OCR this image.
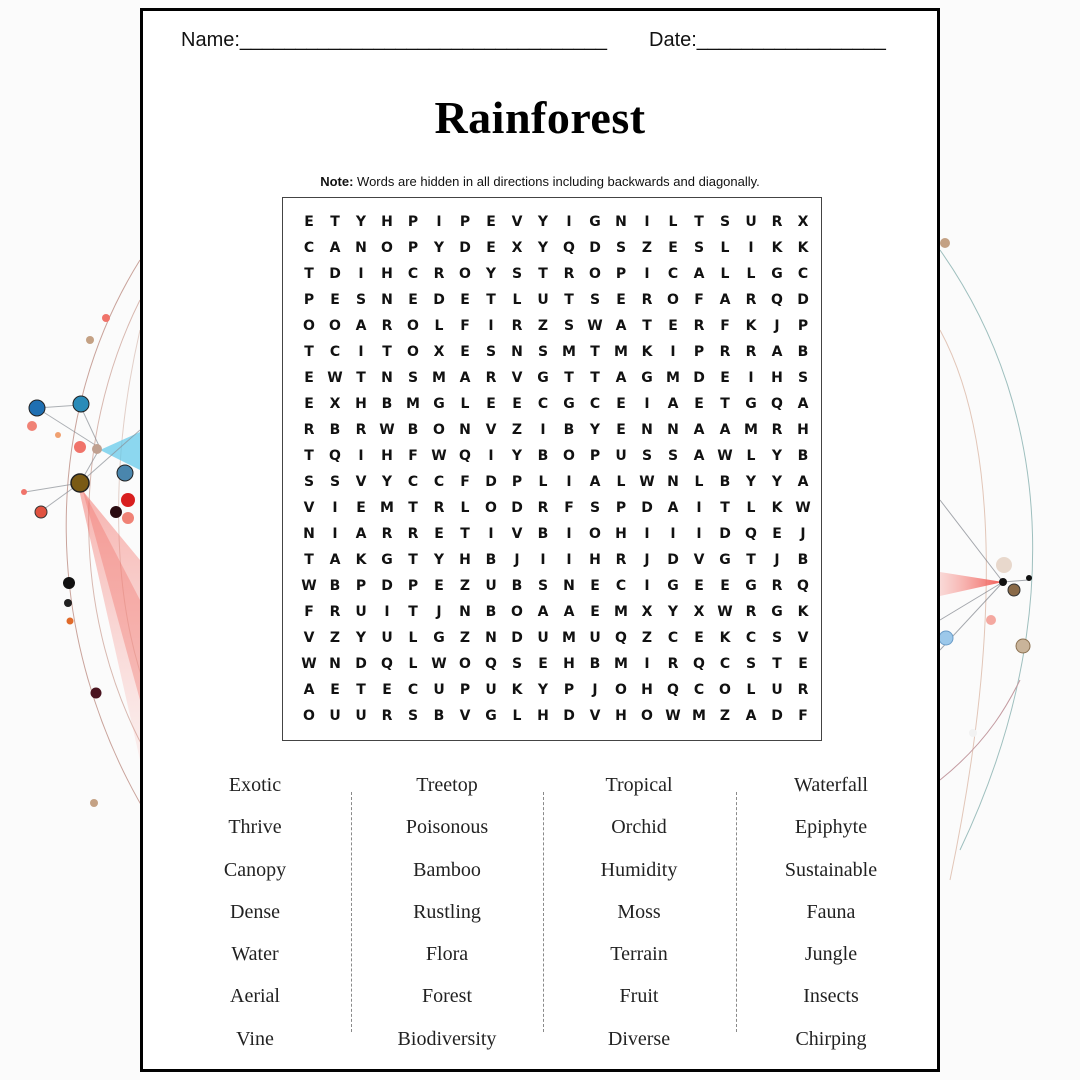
Name:_________________________________ Date:_________________
Rainforest
Note: Words are hidden in all directions including backwards and diagonally.
E	T	Y	H	P	I	P	E	V	Y	I	G	N	I	L	T	S	U	R	X
C	A	N	O	P	Y	D	E	X	Y	Q	D	S	Z	E	S	L	I	K	K
T	D	I	H	C	R	O	Y	S	T	R	O	P	I	C	A	L	L	G	C
P	E	S	N	E	D	E	T	L	U	T	S	E	R	O	F	A	R	Q	D
O	O	A	R	O	L	F	I	R	Z	S W A	T	E	R	F	K	J	P
T	C	I	T	O	X	E	S	N	S M	T	M K	I	P	R	R	A	B
E W T	N	S M A	R	V	G	T	T	A	G M D	E	I	H	S
E	X	H	B M G	L	E	E	C	G	C	E	I	A	E	T	G	Q	A
R	B	R W B	O	N	V	Z	I	B	Y	E	N	N	A	A M R	H
T	Q	I	H	F W Q	I	Y	B	O	P	U	S	S	A W L	Y	B
S	S	V	Y	C	C	F	D	P	L	I	A	L W N	L	B	Y	Y	A
V	I	E	M	T	R	L	O	D	R	F	S	P	D	A	I	T	L	K W
N	I	A	R	R	E	T	I	V	B	I	O	H	I	I	I	D	Q	E	J
T	A	K	G	T	Y	H	B	J	I	I	H	R	J	D	V	G	T	J	B
W B	P	D	P	E	Z	U	B	S	N	E	C	I	G	E	E	G	R	Q
F	R	U	I	T	J	N	B	O	A	A	E	M X	Y	X W R	G	K
V	Z	Y	U	L	G	Z	N	D	U M U	Q	Z	C	E	K	C	S	V
W N	D	Q	L W O	Q	S	E	H	B M	I	R	Q	C	S	T	E
A	E	T	E	C	U	P	U	K	Y	P	J	O	H	Q	C	O	L	U	R
O	U	U	R	S	B	V	G	L	H	D	V	H	O W M Z	A	D	F
Exotic
Thrive
Canopy
Dense
Water
Aerial
Vine
Treetop
Poisonous
Bamboo
Rustling
Flora
Forest
Biodiversity
Tropical
Orchid
Humidity
Moss
Terrain
Fruit
Diverse
Waterfall
Epiphyte
Sustainable
Fauna
Jungle
Insects
Chirping
